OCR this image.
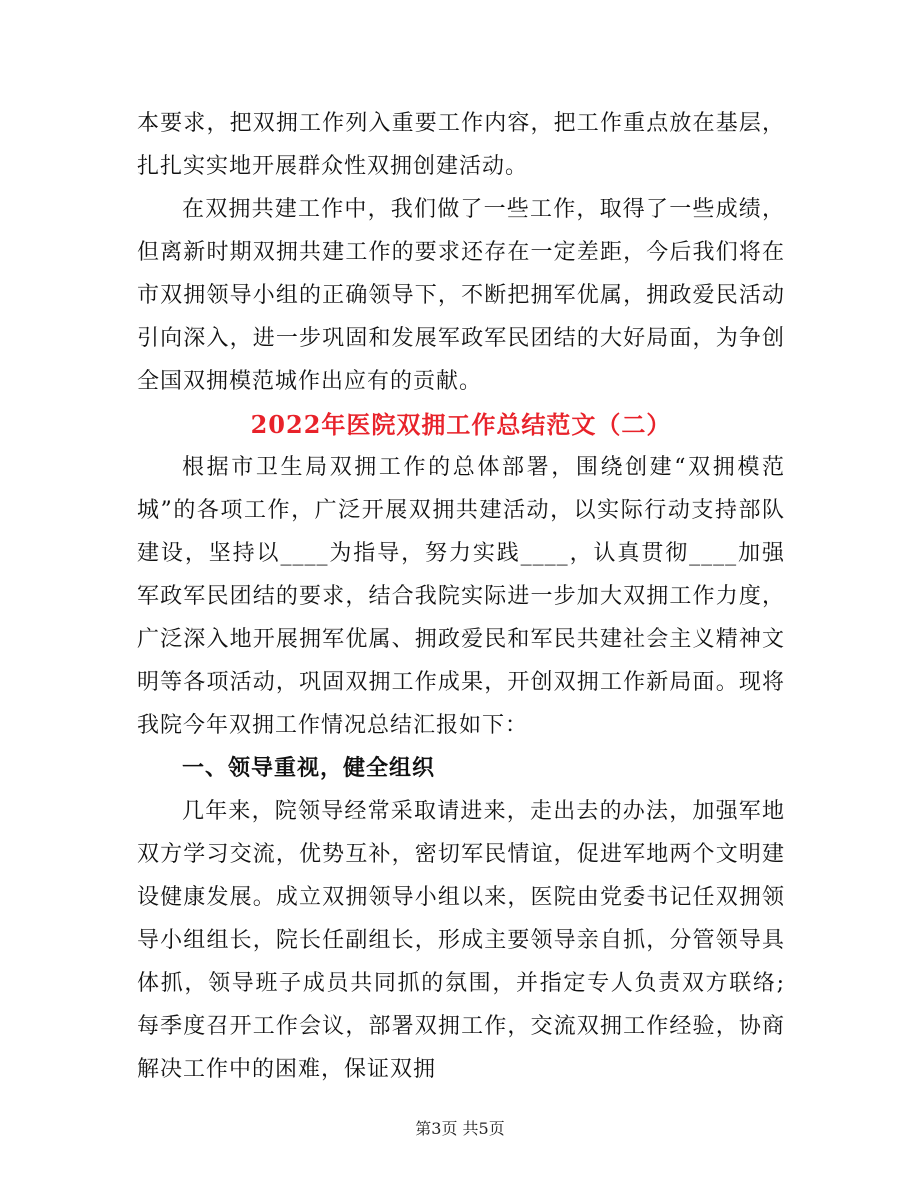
本要求，把双拥工作列入重要工作内容，把工作重点放在基层，扎扎实实地开展群众性双拥创建活动。

在双拥共建工作中，我们做了一些工作，取得了一些成绩，但离新时期双拥共建工作的要求还存在一定差距，今后我们将在市双拥领导小组的正确领导下，不断把拥军优属，拥政爱民活动引向深入，进一步巩固和发展军政军民团结的大好局面，为争创全国双拥模范城作出应有的贡献。

2022年医院双拥工作总结范文（二）

根据市卫生局双拥工作的总体部署，围绕创建“双拥模范城”的各项工作，广泛开展双拥共建活动，以实际行动支持部队建设，坚持以____为指导，努力实践____，认真贯彻____加强军政军民团结的要求，结合我院实际进一步加大双拥工作力度，广泛深入地开展拥军优属、拥政爱民和军民共建社会主义精神文明等各项活动，巩固双拥工作成果，开创双拥工作新局面。现将我院今年双拥工作情况总结汇报如下：

一、领导重视，健全组织

几年来，院领导经常采取请进来，走出去的办法，加强军地双方学习交流，优势互补，密切军民情谊，促进军地两个文明建设健康发展。成立双拥领导小组以来，医院由党委书记任双拥领导小组组长，院长任副组长，形成主要领导亲自抓，分管领导具体抓，领导班子成员共同抓的氛围，并指定专人负责双方联络;每季度召开工作会议，部署双拥工作，交流双拥工作经验，协商解决工作中的困难，保证双拥

第3页 共5页
